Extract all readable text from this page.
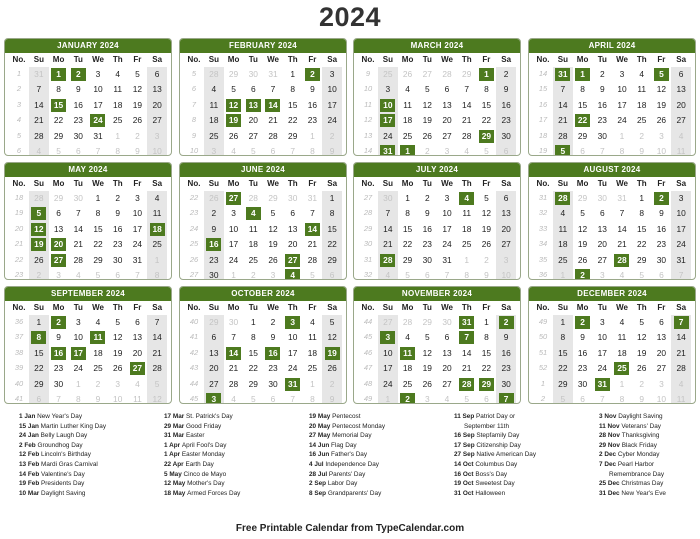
2024
JANUARY 2024
No.	Su	Mo	Tu	We	Th	Fr	Sa
1	31	1	2	3	4	5	6
2	7	8	9	10	11	12	13
3	14	15	16	17	18	19	20
4	21	22	23	24	25	26	27
5	28	29	30	31	1	2	3
6	4	5	6	7	8	9	10
FEBRUARY 2024
No.	Su	Mo	Tu	We	Th	Fr	Sa
5	28	29	30	31	1	2	3
6	4	5	6	7	8	9	10
7	11	12	13	14	15	16	17
8	18	19	20	21	22	23	24
9	25	26	27	28	29	1	2
10	3	4	5	6	7	8	9
MARCH 2024
No.	Su	Mo	Tu	We	Th	Fr	Sa
9	25	26	27	28	29	1	2
10	3	4	5	6	7	8	9
11	10	11	12	13	14	15	16
12	17	18	19	20	21	22	23
13	24	25	26	27	28	29	30
14	31	1	2	3	4	5	6
APRIL 2024
No.	Su	Mo	Tu	We	Th	Fr	Sa
14	31	1	2	3	4	5	6
15	7	8	9	10	11	12	13
16	14	15	16	17	18	19	20
17	21	22	23	24	25	26	27
18	28	29	30	1	2	3	4
19	5	6	7	8	9	10	11
MAY 2024
No.	Su	Mo	Tu	We	Th	Fr	Sa
18	28	29	30	1	2	3	4
19	5	6	7	8	9	10	11
20	12	13	14	15	16	17	18
21	19	20	21	22	23	24	25
22	26	27	28	29	30	31	1
23	2	3	4	5	6	7	8
JUNE 2024
No.	Su	Mo	Tu	We	Th	Fr	Sa
22	26	27	28	29	30	31	1
23	2	3	4	5	6	7	8
24	9	10	11	12	13	14	15
25	16	17	18	19	20	21	22
26	23	24	25	26	27	28	29
27	30	1	2	3	4	5	6
JULY 2024
No.	Su	Mo	Tu	We	Th	Fr	Sa
27	30	1	2	3	4	5	6
28	7	8	9	10	11	12	13
29	14	15	16	17	18	19	20
30	21	22	23	24	25	26	27
31	28	29	30	31	1	2	3
32	4	5	6	7	8	9	10
AUGUST 2024
No.	Su	Mo	Tu	We	Th	Fr	Sa
31	28	29	30	31	1	2	3
32	4	5	6	7	8	9	10
33	11	12	13	14	15	16	17
34	18	19	20	21	22	23	24
35	25	26	27	28	29	30	31
36	1	2	3	4	5	6	7
SEPTEMBER 2024
No.	Su	Mo	Tu	We	Th	Fr	Sa
36	1	2	3	4	5	6	7
37	8	9	10	11	12	13	14
38	15	16	17	18	19	20	21
39	22	23	24	25	26	27	28
40	29	30	1	2	3	4	5
41	6	7	8	9	10	11	12
OCTOBER 2024
No.	Su	Mo	Tu	We	Th	Fr	Sa
40	29	30	1	2	3	4	5
41	6	7	8	9	10	11	12
42	13	14	15	16	17	18	19
43	20	21	22	23	24	25	26
44	27	28	29	30	31	1	2
45	3	4	5	6	7	8	9
NOVEMBER 2024
No.	Su	Mo	Tu	We	Th	Fr	Sa
44	27	28	29	30	31	1	2
45	3	4	5	6	7	8	9
46	10	11	12	13	14	15	16
47	17	18	19	20	21	22	23
48	24	25	26	27	28	29	30
49	1	2	3	4	5	6	7
DECEMBER 2024
No.	Su	Mo	Tu	We	Th	Fr	Sa
49	1	2	3	4	5	6	7
50	8	9	10	11	12	13	14
51	15	16	17	18	19	20	21
52	22	23	24	25	26	27	28
1	29	30	31	1	2	3	4
2	5	6	7	8	9	10	11
1 Jan New Year's Day
15 Jan Martin Luther King Day
24 Jan Belly Laugh Day
2 Feb Groundhog Day
12 Feb Lincoln's Birthday
13 Feb Mardi Gras Carnival
14 Feb Valentine's Day
19 Feb Presidents Day
10 Mar Daylight Saving
17 Mar St. Patrick's Day
29 Mar Good Friday
31 Mar Easter
1 Apr April Fool's Day
1 Apr Easter Monday
22 Apr Earth Day
5 May Cinco de Mayo
12 May Mother's Day
18 May Armed Forces Day
19 May Pentecost
20 May Pentecost Monday
27 May Memorial Day
14 Jun Flag Day
16 Jun Father's Day
4 Jul Independence Day
28 Jul Parents' Day
2 Sep Labor Day
8 Sep Grandparents' Day
11 Sep Patriot Day or
September 11th
16 Sep Stepfamily Day
17 Sep Citizenship Day
27 Sep Native American Day
14 Oct Columbus Day
16 Oct Boss's Day
19 Oct Sweetest Day
31 Oct Halloween
3 Nov Daylight Saving
11 Nov Veterans' Day
28 Nov Thanksgiving
29 Nov Black Friday
2 Dec Cyber Monday
7 Dec Pearl Harbor
Remembrance Day
25 Dec Christmas Day
31 Dec New Year's Eve
Free Printable Calendar from TypeCalendar.com
